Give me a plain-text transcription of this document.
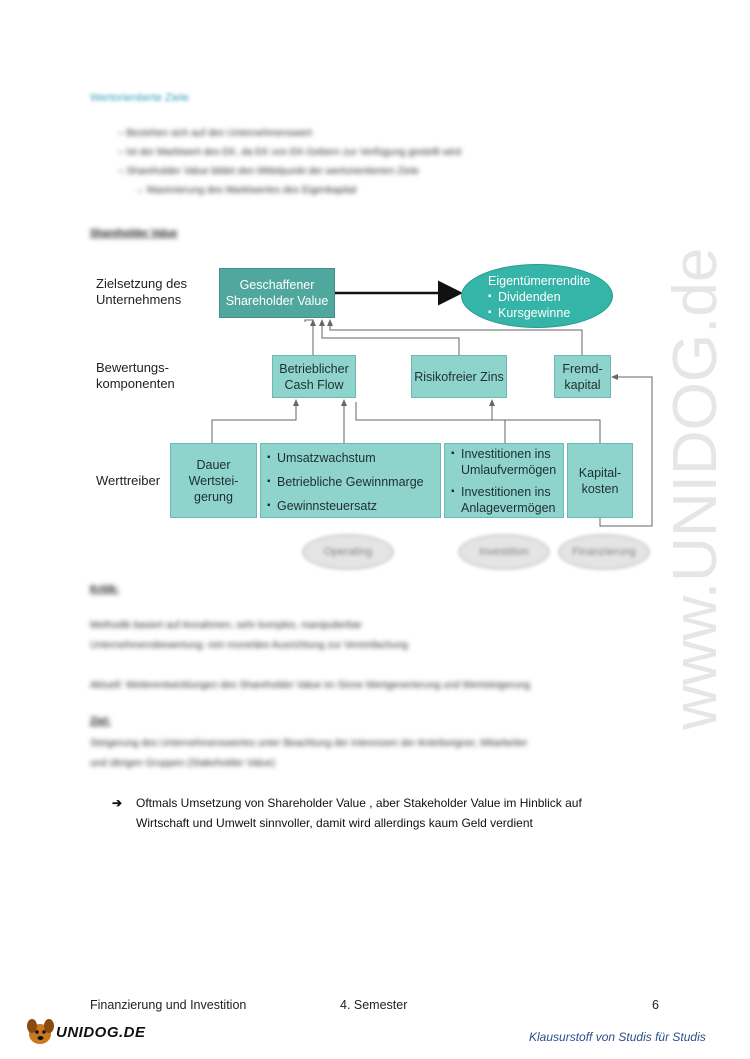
www.UNIDOG.de
Wertorientierte Ziele
– Beziehen sich auf den Unternehmenswert
– Ist der Marktwert des EK, da EK von EK-Gebern zur Verfügung gestellt wird
– Shareholder Value bildet den Mittelpunkt der wertorientierten Ziele
→ Maximierung des Marktwertes des Eigenkapital
Shareholder Value
Zielsetzung des Unternehmens
Bewertungs-komponenten
Werttreiber
Geschaffener Shareholder Value
Eigentümerrendite
▪ Dividenden
▪ Kursgewinne
Betrieblicher Cash Flow
Risikofreier Zins
Fremd-kapital
Dauer Wertstei-gerung
▪ Umsatzwachstum
▪ Betriebliche Gewinnmarge
▪ Gewinnsteuersatz
▪ Investitionen ins Umlaufvermögen
▪ Investitionen ins Anlagevermögen
Kapital-kosten
Operating	Investition	Finanzierung
Kritik:
Methodik basiert auf Annahmen, sehr komplex, manipulierbar
Unternehmensbewertung: rein monetäre Ausrichtung zur Vereinfachung
Aktuell: Weiterentwicklungen des Shareholder Value im Sinne Wertgenerierung und Wertsteigerung
Ziel:
Steigerung des Unternehmenswertes unter Beachtung der Interessen der Anteilseigner, Mitarbeiter
und übrigen Gruppen (Stakeholder Value)
➔	Oftmals Umsetzung von Shareholder Value , aber Stakeholder Value im Hinblick auf
Wirtschaft und Umwelt sinnvoller, damit wird allerdings kaum Geld verdient
Finanzierung und Investition	4. Semester	6
UNIDOG.DE	Klausurstoff von Studis für Studis
